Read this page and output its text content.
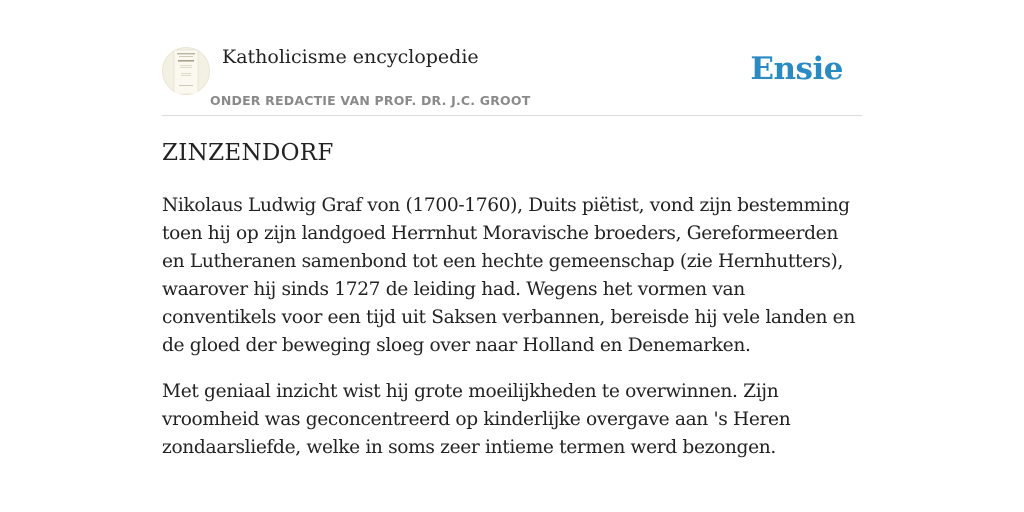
Katholicisme encyclopedie
ONDER REDACTIE VAN PROF. DR. J.C. GROOT
Ensie
ZINZENDORF

Nikolaus Ludwig Graf von (1700-1760), Duits piëtist, vond zijn bestemming toen hij op zijn landgoed Herrnhut Moravische broeders, Gereformeerden en Lutheranen samenbond tot een hechte gemeenschap (zie Hernhutters), waarover hij sinds 1727 de leiding had. Wegens het vormen van conventikels voor een tijd uit Saksen verbannen, bereisde hij vele landen en de gloed der beweging sloeg over naar Holland en Denemarken.

Met geniaal inzicht wist hij grote moeilijkheden te overwinnen. Zijn vroomheid was geconcentreerd op kinderlijke overgave aan 's Heren zondaarsliefde, welke in soms zeer intieme termen werd bezongen.
